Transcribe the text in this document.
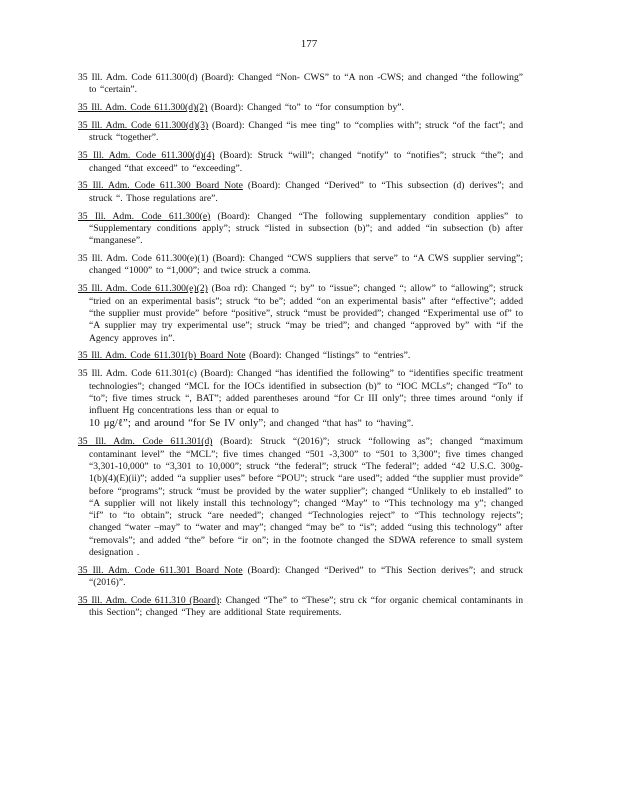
177

35 Ill. Adm. Code 611.300(d) (Board): Changed “Non- CWS” to “A non -CWS; and changed “the following” to “certain”.

35 Ill. Adm. Code 611.300(d)(2) (Board): Changed “to” to “for consumption by”.

35 Ill. Adm. Code 611.300(d)(3) (Board): Changed “is mee ting” to “complies with”; struck “of the fact”; and struck “together”.

35 Ill. Adm. Code 611.300(d)(4) (Board): Struck “will”; changed “notify” to “notifies”; struck “the”; and changed “that exceed” to “exceeding”.

35 Ill. Adm. Code 611.300 Board Note (Board): Changed “Derived” to “This subsection (d) derives”; and struck “. Those regulations are”.

35 Ill. Adm. Code 611.300(e) (Board): Changed “The following supplementary condition applies” to “Supplementary conditions apply”; struck “listed in subsection (b)”; and added “in subsection (b) after “manganese”.

35 Ill. Adm. Code 611.300(e)(1) (Board): Changed “CWS suppliers that serve” to “A CWS supplier serving”; changed “1000” to “1,000”; and twice struck a comma.

35 Ill. Adm. Code 611.300(e)(2) (Boa rd): Changed “; by” to “issue”; changed “; allow” to “allowing”; struck “tried on an experimental basis”; struck “to be”; added “on an experimental basis” after “effective”; added “the supplier must provide” before “positive”, struck “must be provided”; changed “Experimental use of” to “A supplier may try experimental use”; struck “may be tried”; and changed “approved by” with “if the Agency approves in”.

35 Ill. Adm. Code 611.301(b) Board Note (Board): Changed “listings” to “entries”.

35 Ill. Adm. Code 611.301(c) (Board): Changed “has identified the following” to “identifies specific treatment technologies”; changed “MCL for the IOCs identified in subsection (b)” to “IOC MCLs”; changed “To” to “to”; five times struck “, BAT”; added parentheses around “for Cr III only”; three times around “only if influent Hg concentrations less than or equal to
10 μg/ℓ”; and around “for Se IV only”; and changed “that has” to “having”.

35 Ill. Adm. Code 611.301(d) (Board): Struck “(2016)”; struck “following as”; changed “maximum contaminant level” the “MCL”; five times changed “501 -3,300” to “501 to 3,300”; five times changed “3,301-10,000” to “3,301 to 10,000”; struck “the federal”; struck “The federal”; added “42 U.S.C. 300g-1(b)(4)(E)(ii)”; added “a supplier uses” before “POU”; struck “are used”; added “the supplier must provide” before “programs”; struck “must be provided by the water supplier”; changed “Unlikely to eb installed” to “A supplier will not likely install this technology”; changed “May” to “This technology ma y”; changed “if” to “to obtain”; struck “are needed”; changed “Technologies reject” to “This technology rejects”; changed “water –may” to “water and may”; changed “may be” to “is”; added “using this technology” after “removals”; and added “the” before “ir on”; in the footnote changed the SDWA reference to small system designation .

35 Ill. Adm. Code 611.301 Board Note (Board): Changed “Derived” to “This Section derives”; and struck “(2016)”.

35 Ill. Adm. Code 611.310 (Board): Changed “The” to “These”; stru ck “for organic chemical contaminants in this Section”; changed “They are additional State requirements.
